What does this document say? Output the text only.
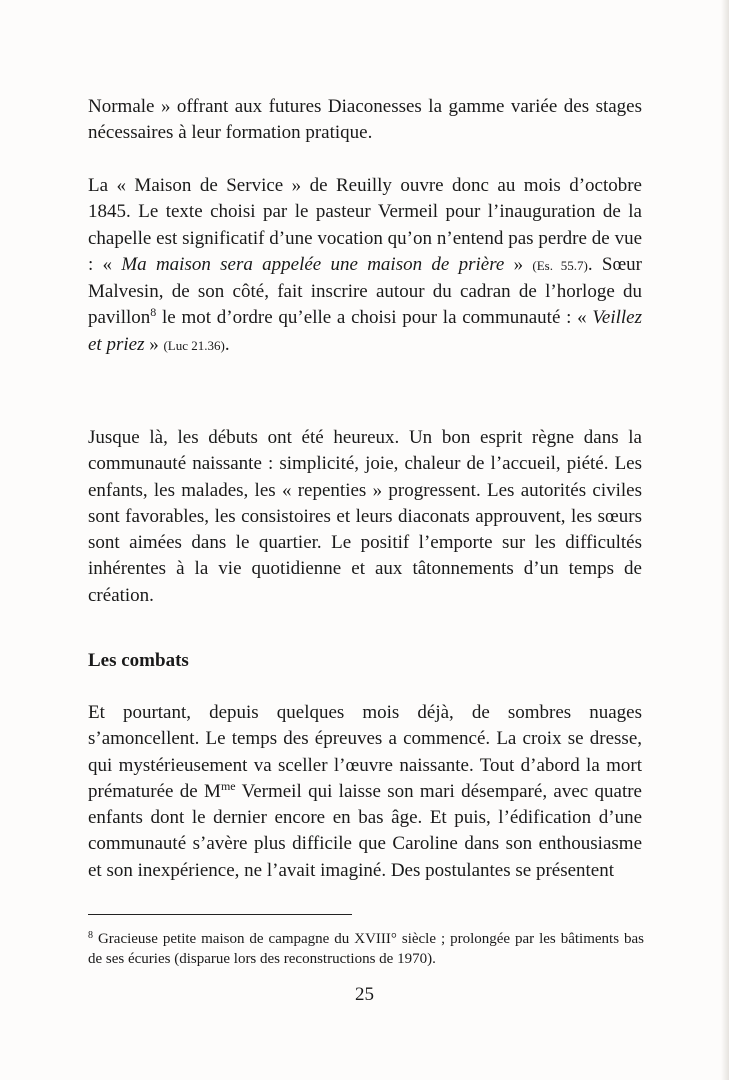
Normale » offrant aux futures Diaconesses la gamme variée des stages nécessaires à leur formation pratique.

La « Maison de Service » de Reuilly ouvre donc au mois d’octobre 1845. Le texte choisi par le pasteur Vermeil pour l’inauguration de la chapelle est significatif d’une vocation qu’on n’entend pas perdre de vue : « Ma maison sera appelée une maison de prière » (Es. 55.7). Sœur Malvesin, de son côté, fait inscrire autour du cadran de l’horloge du pavillon$^8$ le mot d’ordre qu’elle a choisi pour la communauté : « Veillez et priez » (Luc 21.36).

Jusque là, les débuts ont été heureux. Un bon esprit règne dans la communauté naissante : simplicité, joie, chaleur de l’accueil, piété. Les enfants, les malades, les « repenties » progressent. Les autorités civiles sont favorables, les consistoires et leurs diaconats approuvent, les sœurs sont aimées dans le quartier. Le positif l’emporte sur les difficultés inhérentes à la vie quotidienne et aux tâtonnements d’un temps de création.

Les combats

Et pourtant, depuis quelques mois déjà, de sombres nuages s’amoncellent. Le temps des épreuves a commencé. La croix se dresse, qui mystérieusement va sceller l’œuvre naissante. Tout d’abord la mort prématurée de $M^{me}$ Vermeil qui laisse son mari désemparé, avec quatre enfants dont le dernier encore en bas âge. Et puis, l’édification d’une communauté s’avère plus difficile que Caroline dans son enthousiasme et son inexpérience, ne l’avait imaginé. Des postulantes se présentent

$^8$ Gracieuse petite maison de campagne du XVIII° siècle ; prolongée par les bâtiments bas de ses écuries (disparue lors des reconstructions de 1970).

25
